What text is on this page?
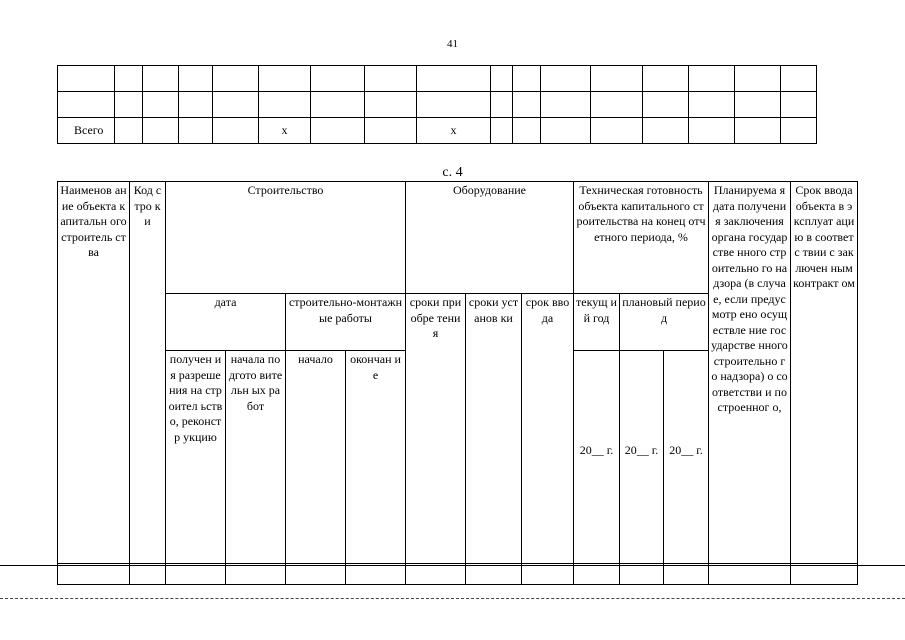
41

Всего					х			х								
с. 4
Наименов ание объекта капитальн ого строитель ства	Код стро ки	Строительство				Оборудование			Техническая готовность объекта капитального строительства на конец отчетного периода, %			Планируема я дата получения заключения органа государстве нного строительно го надзора (в случае, если предусмотр ено осуществле ние государстве нного строительно го надзора) о соответстви и построенног о,	Срок ввода объекта в эксплуат ацию в соответс твии с заключен ным контракт ом
		дата		строительно-монтажные работы		сроки приобре тения	сроки установ ки	срок ввода	текущ ий год	плановый период			
		получен ия разреше ния на строител ьство, реконстр укцию	начала подгото вительн ых работ	начало	окончан ие				20__ г.	20__ г.	20__ г.		
